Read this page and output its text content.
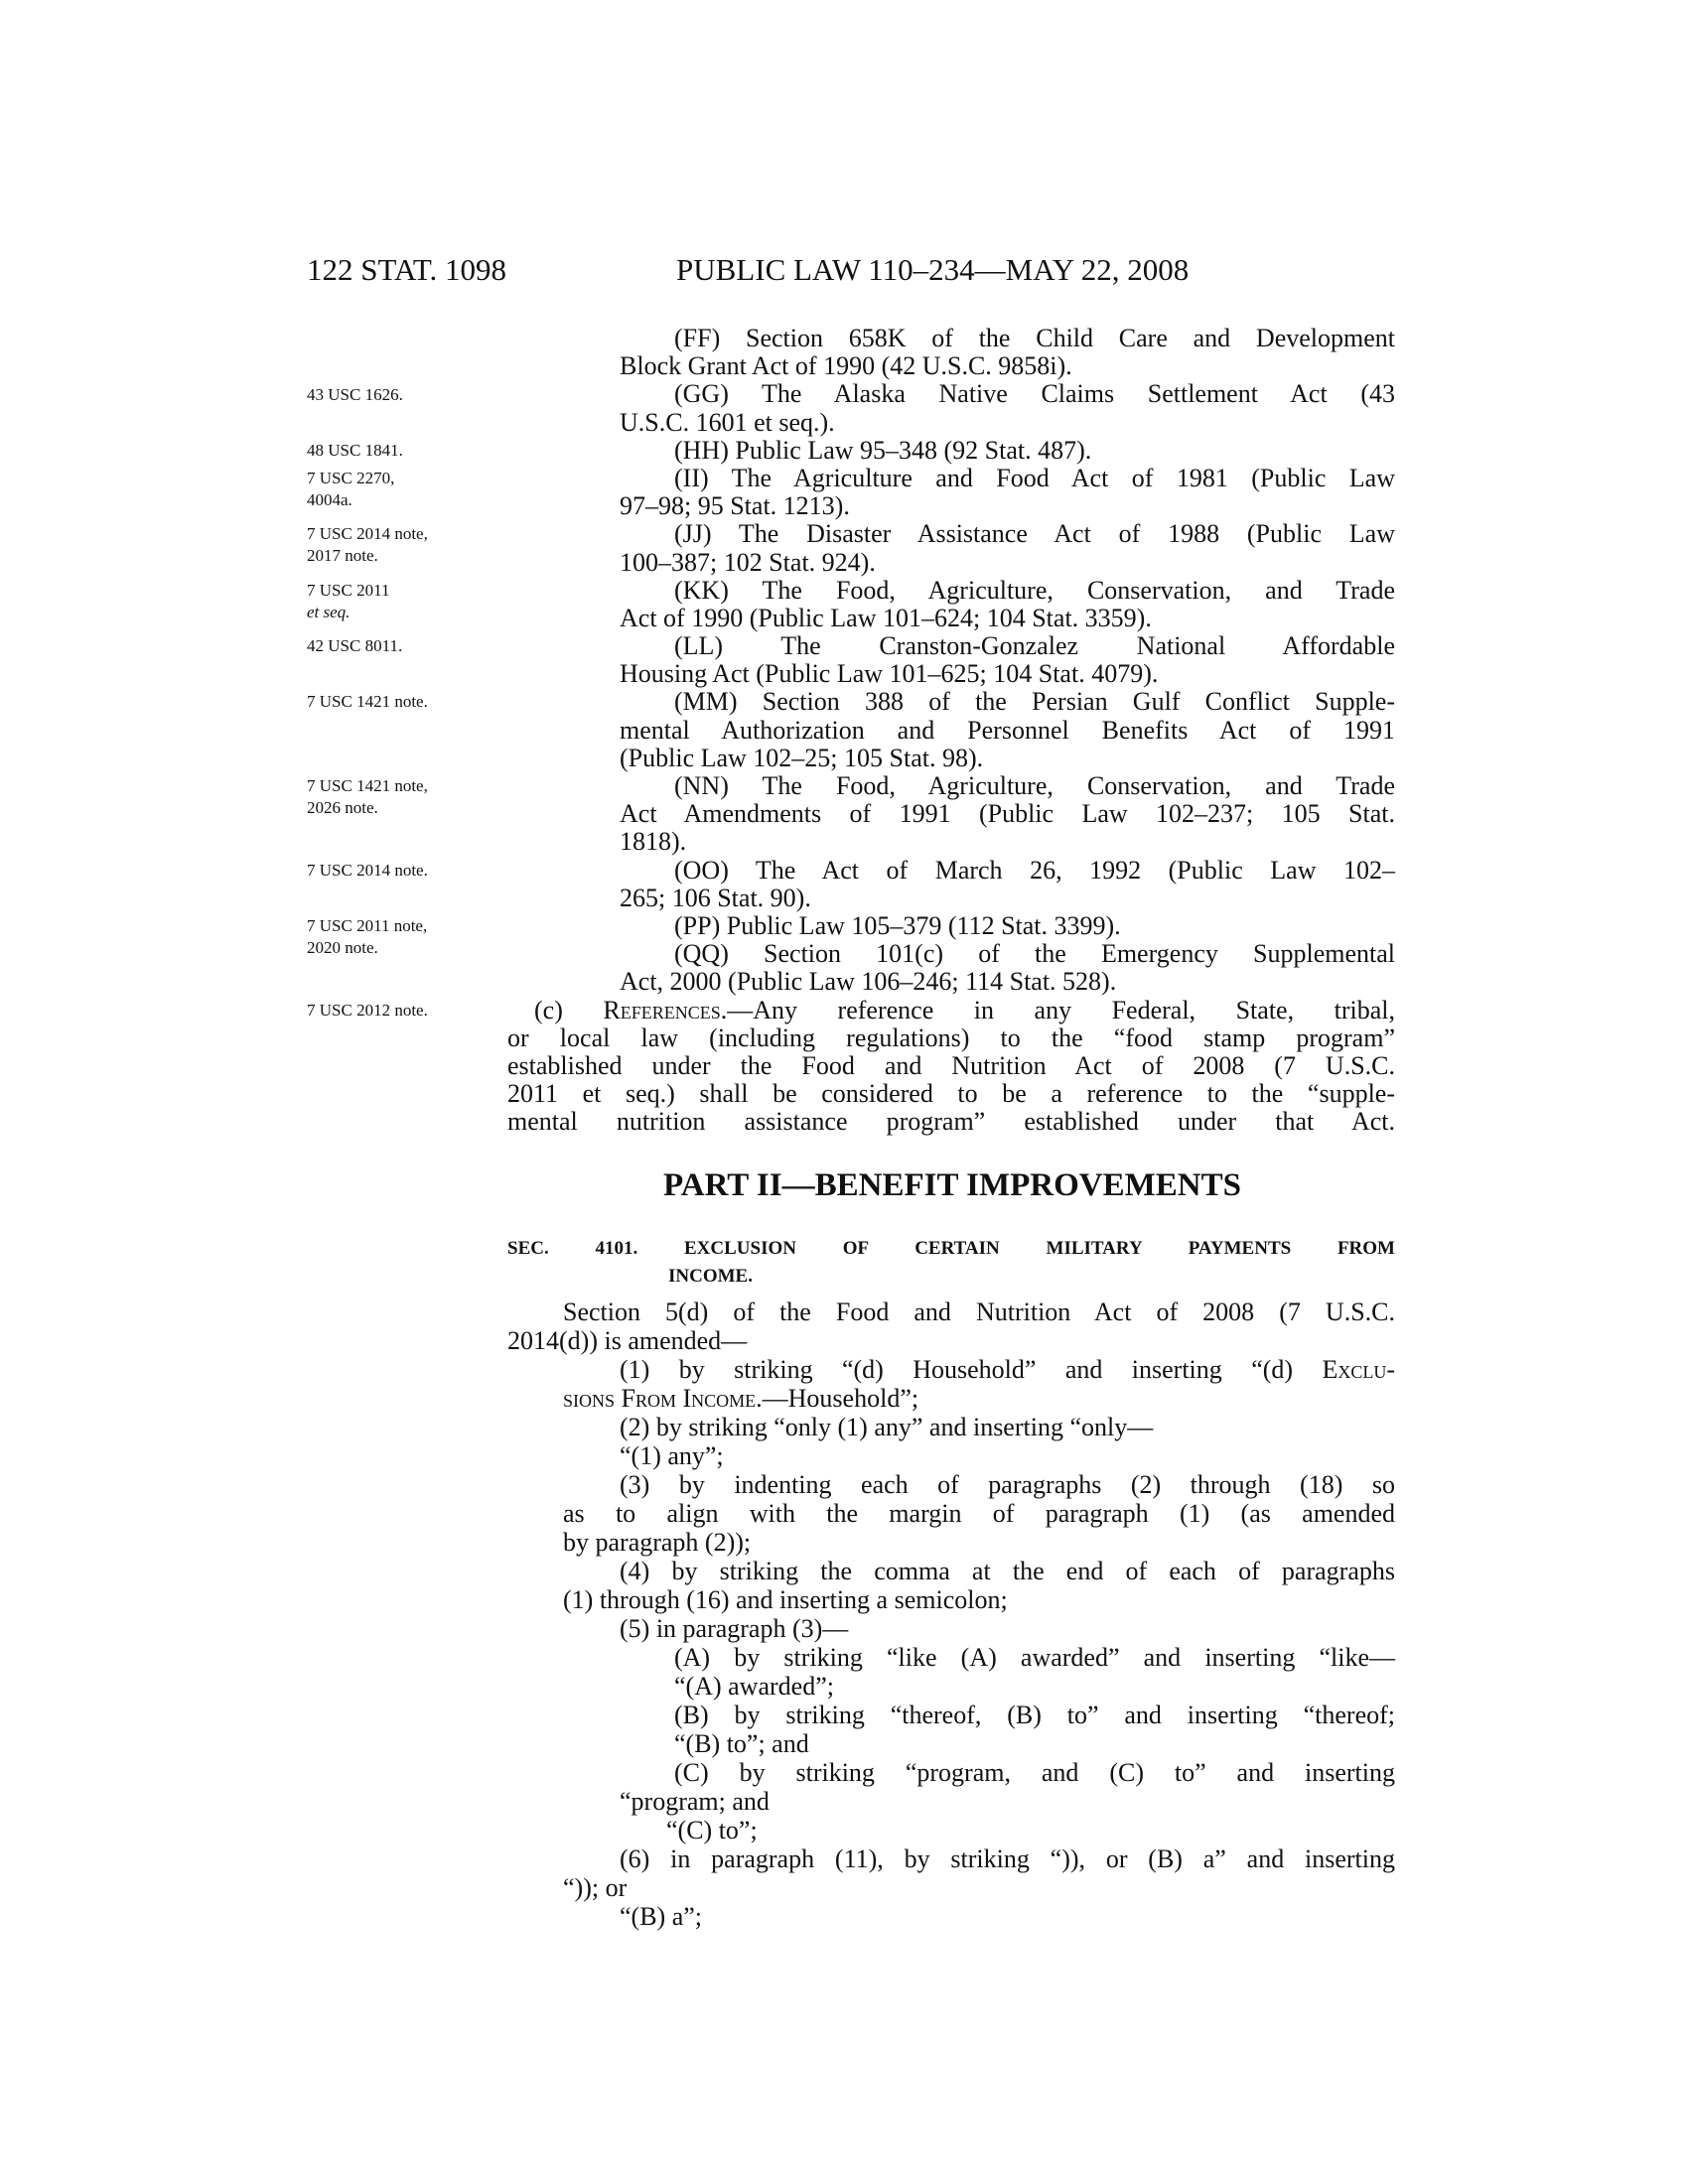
122 STAT. 1098	PUBLIC LAW 110–234—MAY 22, 2008
43 USC 1626.
48 USC 1841.
7 USC 2270,
4004a.
7 USC 2014 note,
2017 note.
7 USC 2011
et seq.
42 USC 8011.
7 USC 1421 note.
7 USC 1421 note,
2026 note.
7 USC 2014 note.
7 USC 2011 note,
2020 note.
7 USC 2012 note.
(FF) Section 658K of the Child Care and Development
Block Grant Act of 1990 (42 U.S.C. 9858i).
(GG) The Alaska Native Claims Settlement Act (43
U.S.C. 1601 et seq.).
(HH) Public Law 95–348 (92 Stat. 487).
(II) The Agriculture and Food Act of 1981 (Public Law
97–98; 95 Stat. 1213).
(JJ) The Disaster Assistance Act of 1988 (Public Law
100–387; 102 Stat. 924).
(KK) The Food, Agriculture, Conservation, and Trade
Act of 1990 (Public Law 101–624; 104 Stat. 3359).
(LL) The Cranston-Gonzalez National Affordable
Housing Act (Public Law 101–625; 104 Stat. 4079).
(MM) Section 388 of the Persian Gulf Conflict Supple-
mental Authorization and Personnel Benefits Act of 1991
(Public Law 102–25; 105 Stat. 98).
(NN) The Food, Agriculture, Conservation, and Trade
Act Amendments of 1991 (Public Law 102–237; 105 Stat.
1818).
(OO) The Act of March 26, 1992 (Public Law 102–
265; 106 Stat. 90).
(PP) Public Law 105–379 (112 Stat. 3399).
(QQ) Section 101(c) of the Emergency Supplemental
Act, 2000 (Public Law 106–246; 114 Stat. 528).
(c) References.—Any reference in any Federal, State, tribal,
or local law (including regulations) to the “food stamp program”
established under the Food and Nutrition Act of 2008 (7 U.S.C.
2011 et seq.) shall be considered to be a reference to the “supple-
mental nutrition assistance program” established under that Act.
PART II—BENEFIT IMPROVEMENTS
SEC. 4101. EXCLUSION OF CERTAIN MILITARY PAYMENTS FROM
INCOME.
Section 5(d) of the Food and Nutrition Act of 2008 (7 U.S.C.
2014(d)) is amended—
(1) by striking “(d) Household” and inserting “(d) Exclu-
sions From Income.—Household”;
(2) by striking “only (1) any” and inserting “only—
“(1) any”;
(3) by indenting each of paragraphs (2) through (18) so
as to align with the margin of paragraph (1) (as amended
by paragraph (2));
(4) by striking the comma at the end of each of paragraphs
(1) through (16) and inserting a semicolon;
(5) in paragraph (3)—
(A) by striking “like (A) awarded” and inserting “like—
“(A) awarded”;
(B) by striking “thereof, (B) to” and inserting “thereof;
“(B) to”; and
(C) by striking “program, and (C) to” and inserting
“program; and
“(C) to”;
(6) in paragraph (11), by striking “)), or (B) a” and inserting
“)); or
“(B) a”;
